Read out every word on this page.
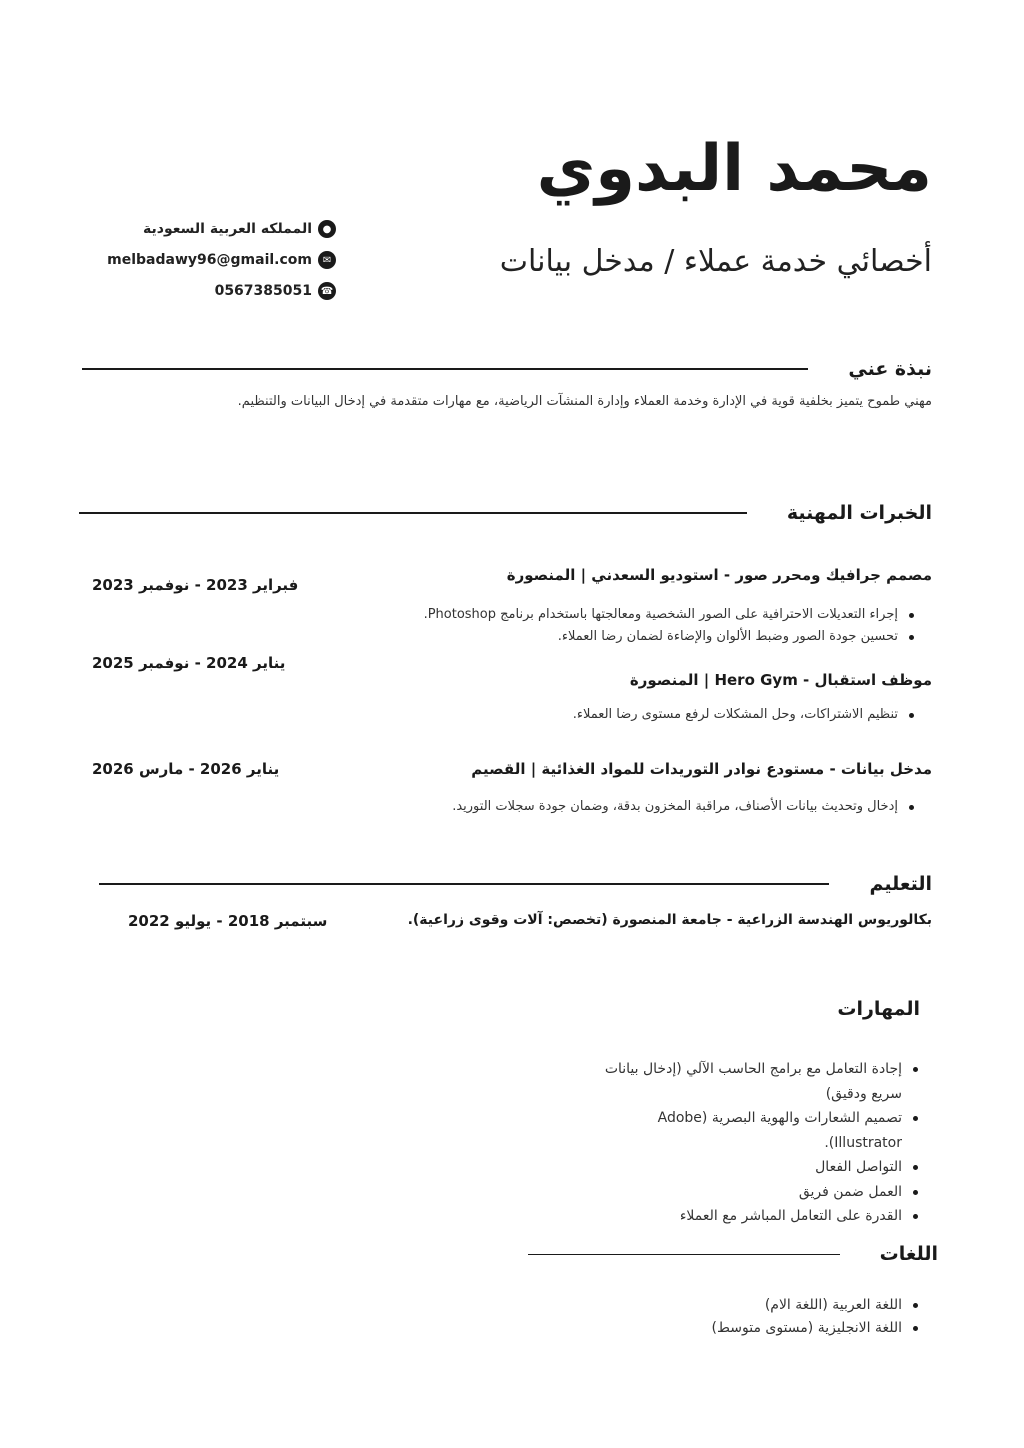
محمد البدوي
أخصائي خدمة عملاء / مدخل بيانات
●
المملكه العربية السعودية
✉
melbadawy96@gmail.com
☎
0567385051
نبذة عني
مهني طموح يتميز بخلفية قوية في الإدارة وخدمة العملاء وإدارة المنشآت الرياضية، مع مهارات متقدمة في إدخال البيانات والتنظيم.
الخبرات المهنية
مصمم جرافيك ومحرر صور - استوديو السعدني | المنصورة
فبراير 2023 - نوفمبر 2023
إجراء التعديلات الاحترافية على الصور الشخصية ومعالجتها باستخدام برنامج Photoshop.
تحسين جودة الصور وضبط الألوان والإضاءة لضمان رضا العملاء.
يناير 2024 - نوفمبر 2025
موظف استقبال - Hero Gym | المنصورة
تنظيم الاشتراكات، وحل المشكلات لرفع مستوى رضا العملاء.
مدخل بيانات - مستودع نوادر التوريدات للمواد الغذائية | القصيم
يناير 2026 - مارس 2026
إدخال وتحديث بيانات الأصناف، مراقبة المخزون بدقة، وضمان جودة سجلات التوريد.
التعليم
بكالوريوس الهندسة الزراعية - جامعة المنصورة (تخصص: آلات وقوى زراعية).
سبتمبر 2018 - يوليو 2022
المهارات
إجادة التعامل مع برامج الحاسب الآلي (إدخال بيانات سريع ودقيق)
تصميم الشعارات والهوية البصرية (Adobe Illustrator).
التواصل الفعال
العمل ضمن فريق
القدرة على التعامل المباشر مع العملاء
اللغات
اللغة العربية (اللغة الام)
اللغة الانجليزية (مستوى متوسط)
